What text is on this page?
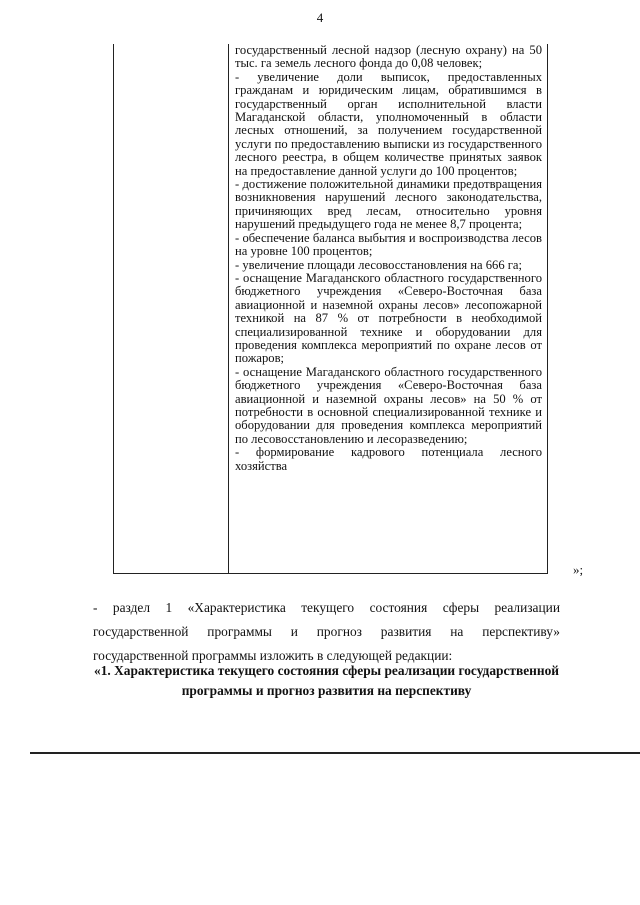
4

государственный лесной надзор (лесную охрану) на 50 тыс. га земель лесного фонда до 0,08 человек;

- увеличение доли выписок, предоставленных гражданам и юридическим лицам, обратившимся в государственный орган исполнительной власти Магаданской области, уполномоченный в области лесных отношений, за получением государственной услуги по предоставлению выписки из государственного лесного реестра, в общем количестве принятых заявок на предоставление данной услуги до 100 процентов;

- достижение положительной динамики предотвращения возникновения нарушений лесного законодательства, причиняющих вред лесам, относительно уровня нарушений предыдущего года не менее 8,7 процента;

- обеспечение баланса выбытия и воспроизводства лесов на уровне 100 процентов;

- увеличение площади лесовосстановления на 666 га;

- оснащение Магаданского областного государственного бюджетного учреждения «Северо-Восточная база авиационной и наземной охраны лесов» лесопожарной техникой на 87 % от потребности в необходимой специализированной технике и оборудовании для проведения комплекса мероприятий по охране лесов от пожаров;

- оснащение Магаданского областного государственного бюджетного учреждения «Северо-Восточная база авиационной и наземной охраны лесов» на 50 % от потребности в основной специализированной технике и оборудовании для проведения комплекса мероприятий по лесовосстановлению и лесоразведению;

- формирование кадрового потенциала лесного хозяйства

»;

- раздел 1 «Характеристика текущего состояния сферы реализации государственной программы и прогноз развития на перспективу» государственной программы изложить в следующей редакции:

«1. Характеристика текущего состояния сферы реализации государственной программы и прогноз развития на перспективу
